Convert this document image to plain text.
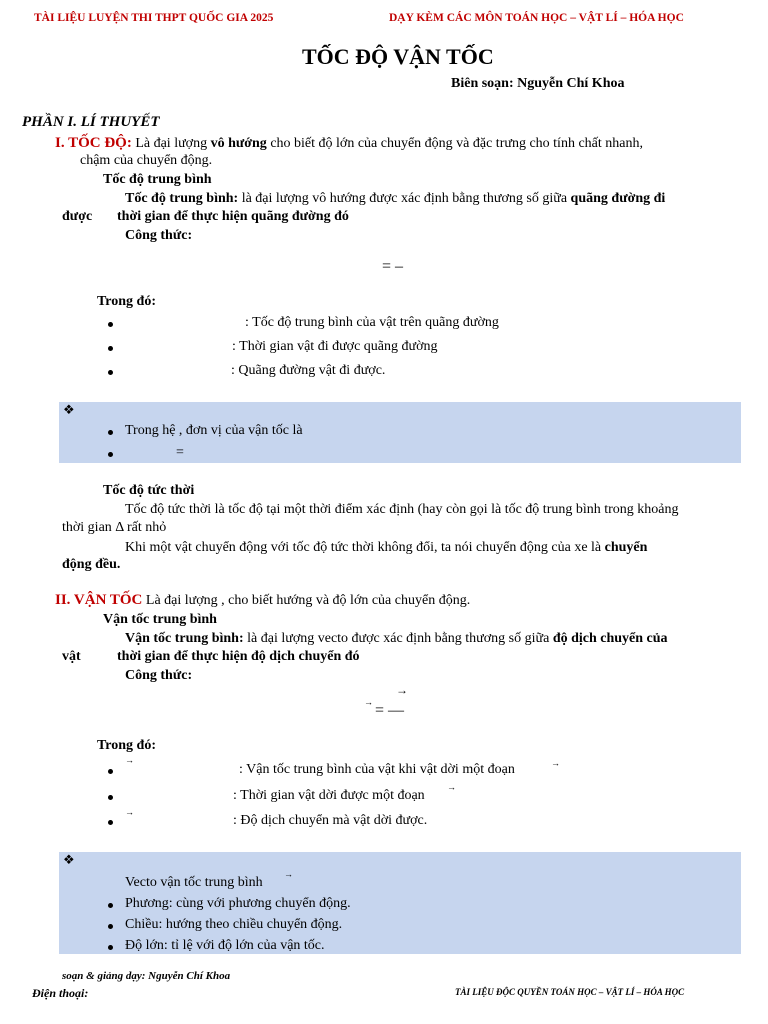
TÀI LIỆU LUYỆN THI THPT QUỐC GIA 2025	DẠY KÈM CÁC MÔN TOÁN HỌC – VẬT LÍ – HÓA HỌC
TỐC ĐỘ VẬN TỐC
Biên soạn: Nguyễn Chí Khoa
PHẦN I. LÍ THUYẾT
I. TỐC ĐỘ: Là đại lượng vô hướng cho biết độ lớn của chuyển động và đặc trưng cho tính chất nhanh,
chậm của chuyển động.
Tốc độ trung bình
Tốc độ trung bình: là đại lượng vô hướng được xác định bằng thương số giữa quãng đường đi
được thời gian để thực hiện quãng đường đó
Công thức:
= –
Trong đó:
: Tốc độ trung bình của vật trên quãng đường
: Thời gian vật đi được quãng đường
: Quãng đường vật đi được.
❖
Trong hệ , đơn vị của vận tốc là
=
Tốc độ tức thời
Tốc độ tức thời là tốc độ tại một thời điểm xác định (hay còn gọi là tốc độ trung bình trong khoảng
thời gian Δ rất nhỏ
Khi một vật chuyển động với tốc độ tức thời không đổi, ta nói chuyển động của xe là chuyển
động đều.
II. VẬN TỐC Là đại lượng , cho biết hướng và độ lớn của chuyển động.
Vận tốc trung bình
Vận tốc trung bình: là đại lượng vecto được xác định bằng thương số giữa độ dịch chuyển của
vật	thời gian để thực hiện độ dịch chuyển đó
Công thức:
→
→ = —
Trong đó:
→
: Vận tốc trung bình của vật khi vật dời một đoạn	→
: Thời gian vật dời được một đoạn
→
→
: Độ dịch chuyển mà vật dời được.
❖
Vecto vận tốc trung bình
→
Phương: cùng với phương chuyển động.
Chiều: hướng theo chiều chuyển động.
Độ lớn: tỉ lệ với độ lớn của vận tốc.
soạn & giảng dạy: Nguyễn Chí Khoa
Điện thoại:	TÀI LIỆU ĐỘC QUYỀN TOÁN HỌC – VẬT LÍ – HÓA HỌC
